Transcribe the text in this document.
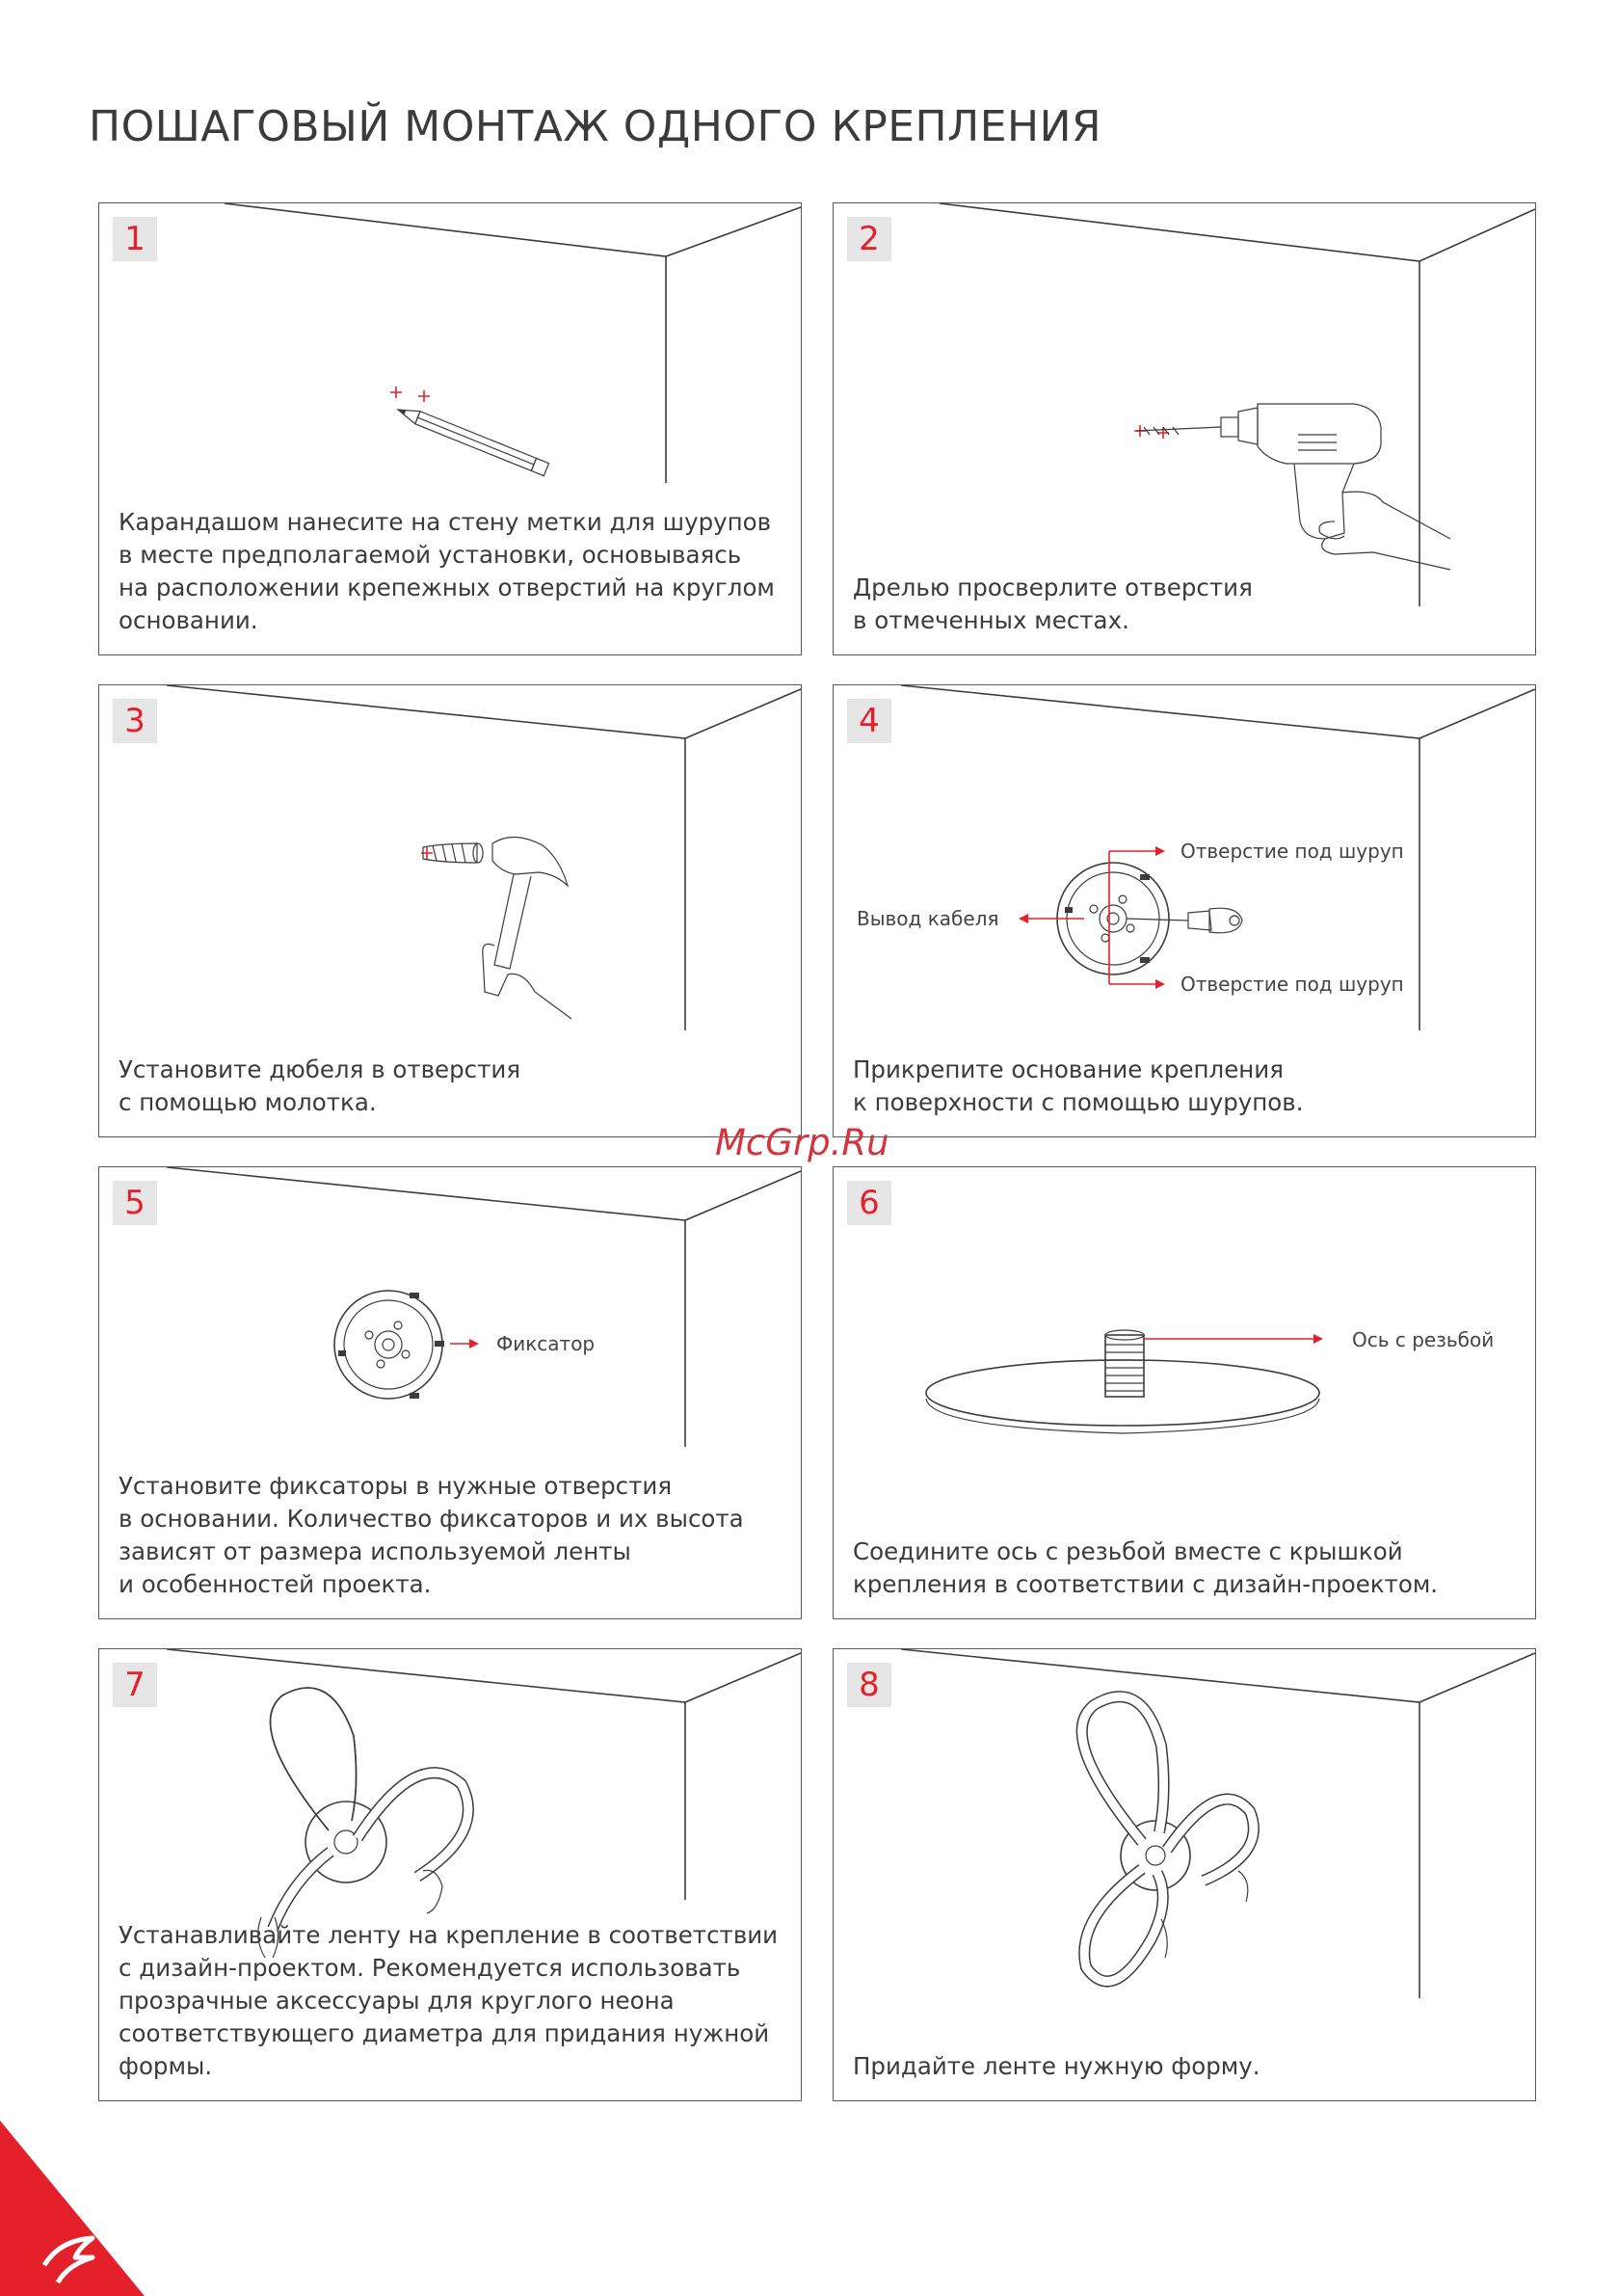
ПОШАГОВЫЙ МОНТАЖ ОДНОГО КРЕПЛЕНИЯ
1
Карандашом нанесите на стену метки для шурупов
в месте предполагаемой установки, основываясь
на расположении крепежных отверстий на круглом
основании.
2
Дрелью просверлите отверстия
в отмеченных местах.
3
Установите дюбеля в отверстия
с помощью молотка.
Отверстие под шуруп
Вывод кабеля
Отверстие под шуруп
4
Прикрепите основание крепления
к поверхности с помощью шурупов.
Фиксатор
5
Установите фиксаторы в нужные отверстия
в основании. Количество фиксаторов и их высота
зависят от размера используемой ленты
и особенностей проекта.
Ось с резьбой
6
Соедините ось с резьбой вместе с крышкой
крепления в соответствии с дизайн-проектом.
7
Устанавливайте ленту на крепление в соответствии
с дизайн-проектом. Рекомендуется использовать
прозрачные аксессуары для круглого неона
соответствующего диаметра для придания нужной
формы.
8
Придайте ленте нужную форму.
McGrp.Ru
